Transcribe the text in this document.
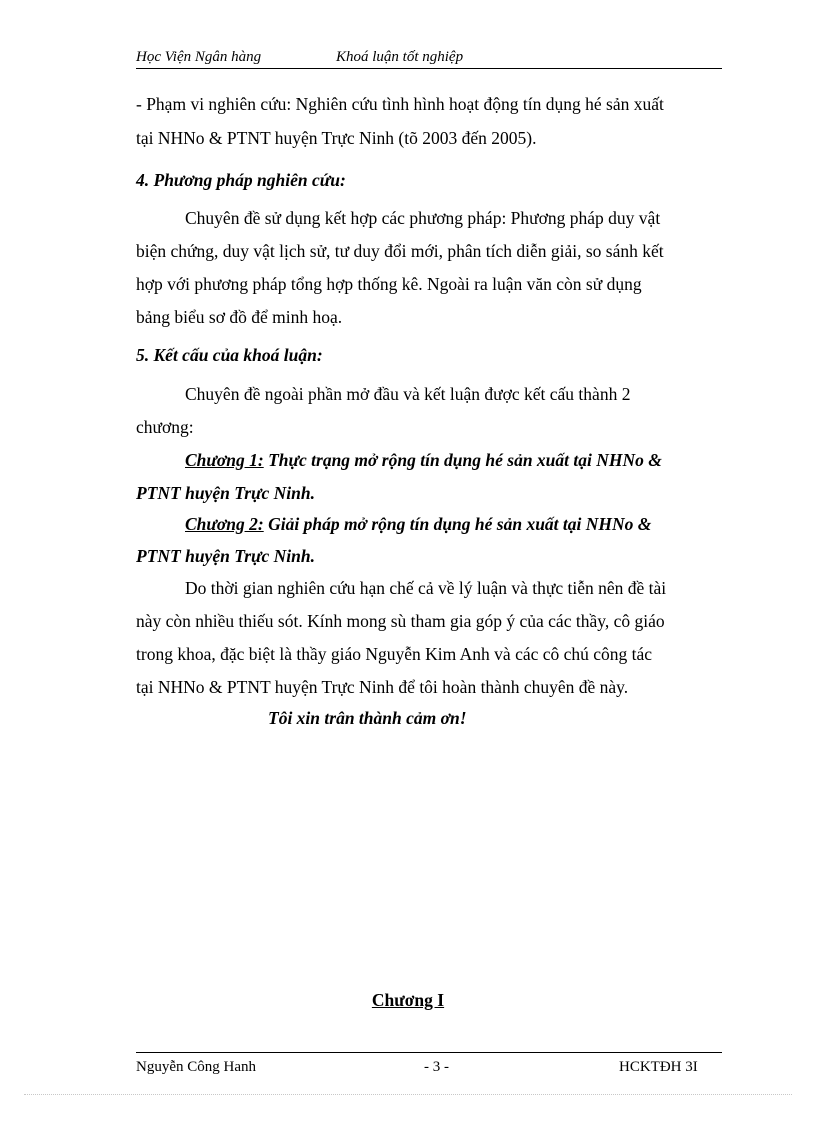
Học Viện Ngân hàng	Khoá luận tốt nghiệp
- Phạm vi nghiên cứu: Nghiên cứu tình hình hoạt động tín dụng hé sản xuất
tại NHNo & PTNT huyện Trực Ninh (tõ 2003 đến 2005).
4. Phương pháp nghiên cứu:
Chuyên đề sử dụng kết hợp các phương pháp: Phương pháp duy vật
biện chứng, duy vật lịch sử, tư duy đổi mới, phân tích diễn giải, so sánh kết
hợp với phương pháp tổng hợp thống kê. Ngoài ra luận văn còn sử dụng
bảng biểu sơ đồ để minh hoạ.
5. Kết cấu của khoá luận:
Chuyên đề ngoài phần mở đầu và kết luận được kết cấu thành 2
chương:
Chương 1: Thực trạng mở rộng tín dụng hé sản xuất tại NHNo &
PTNT huyện Trực Ninh.
Chương 2: Giải pháp mở rộng tín dụng hé sản xuất tại NHNo &
PTNT huyện Trực Ninh.
Do thời gian nghiên cứu hạn chế cả về lý luận và thực tiễn nên đề tài
này còn nhiều thiếu sót. Kính mong sù tham gia góp ý của các thầy, cô giáo
trong khoa, đặc biệt là thầy giáo Nguyễn Kim Anh và các cô chú công tác
tại NHNo & PTNT huyện Trực Ninh để tôi hoàn thành chuyên đề này.
Tôi xin trân thành cảm ơn!
Chương I
Nguyễn Công Hanh	- 3 -	HCKTĐH 3I
